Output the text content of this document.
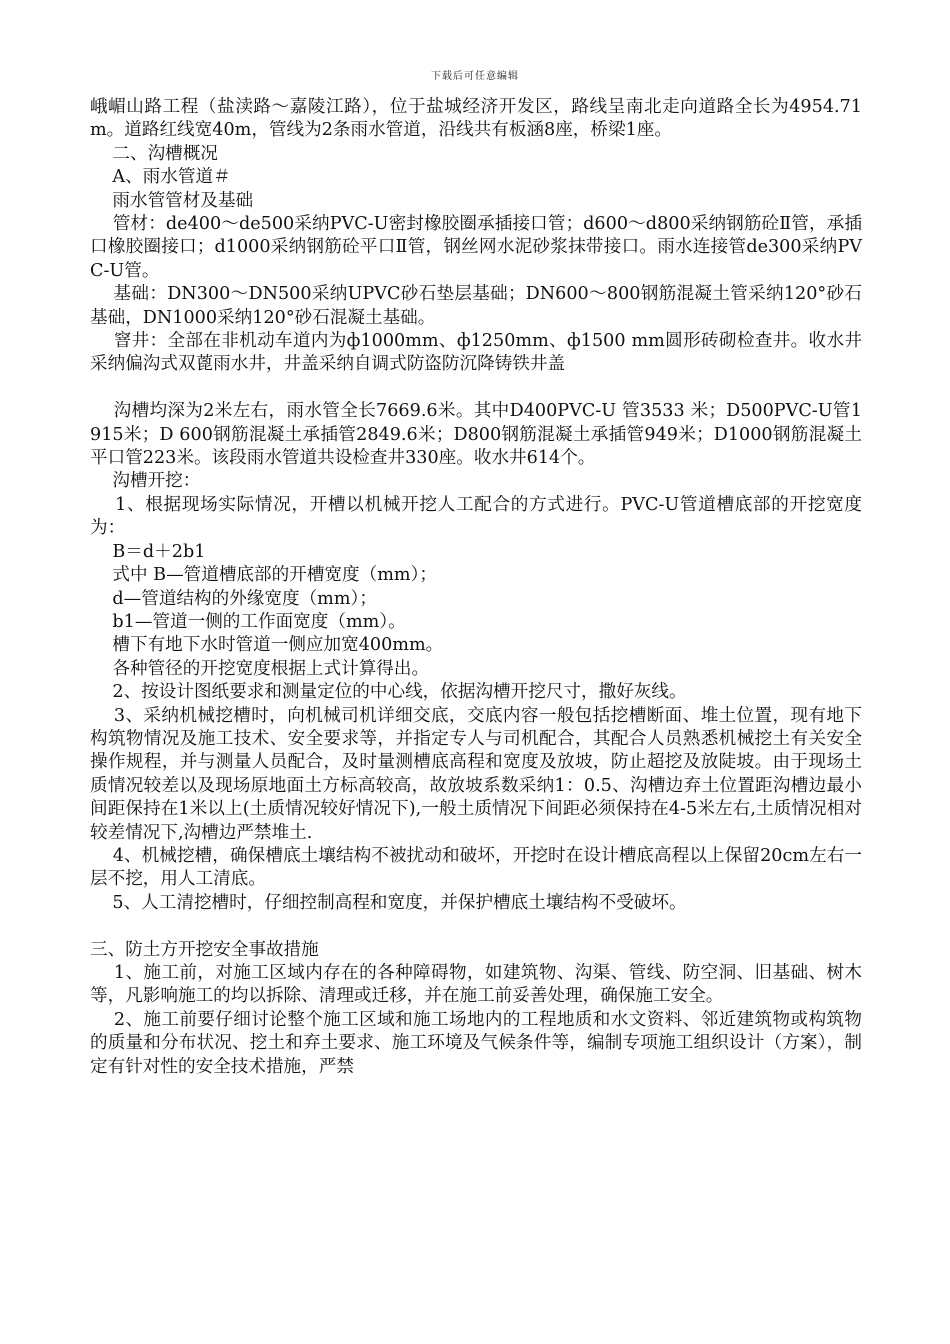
下载后可任意编辑

峨嵋山路工程（盐渎路～嘉陵江路），位于盐城经济开发区，路线呈南北走向道路全长为4954.71m。道路红线宽40m，管线为2条雨水管道，沿线共有板涵8座，桥梁1座。

二、沟槽概况

A、雨水管道＃

雨水管管材及基础

管材：de400～de500采纳PVC-U密封橡胶圈承插接口管；d600～d800采纳钢筋砼Ⅱ管，承插口橡胶圈接口；d1000采纳钢筋砼平口Ⅱ管，钢丝网水泥砂浆抹带接口。雨水连接管de300采纳PVC-U管。

基础：DN300～DN500采纳UPVC砂石垫层基础；DN600～800钢筋混凝土管采纳120°砂石基础，DN1000采纳120°砂石混凝土基础。

窨井：全部在非机动车道内为ф1000mm、ф1250mm、ф1500 mm圆形砖砌检查井。收水井采纳偏沟式双蓖雨水井，井盖采纳自调式防盗防沉降铸铁井盖

沟槽均深为2米左右，雨水管全长7669.6米。其中D400PVC-U 管3533 米；D500PVC-U管1915米；D 600钢筋混凝土承插管2849.6米；D800钢筋混凝土承插管949米；D1000钢筋混凝土平口管223米。该段雨水管道共设检查井330座。收水井614个。

沟槽开挖：

1、根据现场实际情况，开槽以机械开挖人工配合的方式进行。PVC-U管道槽底部的开挖宽度为：

B＝d＋2b1

式中 B—管道槽底部的开槽宽度（mm）；

d—管道结构的外缘宽度（mm）；

b1—管道一侧的工作面宽度（mm）。

槽下有地下水时管道一侧应加宽400mm。

各种管径的开挖宽度根据上式计算得出。

2、按设计图纸要求和测量定位的中心线，依据沟槽开挖尺寸，撒好灰线。

3、采纳机械挖槽时，向机械司机详细交底，交底内容一般包括挖槽断面、堆土位置，现有地下构筑物情况及施工技术、安全要求等，并指定专人与司机配合，其配合人员熟悉机械挖土有关安全操作规程，并与测量人员配合，及时量测槽底高程和宽度及放坡，防止超挖及放陡坡。由于现场土质情况较差以及现场原地面土方标高较高，故放坡系数采纳1：0.5、沟槽边弃土位置距沟槽边最小间距保持在1米以上(土质情况较好情况下),一般土质情况下间距必须保持在4-5米左右,土质情况相对较差情况下,沟槽边严禁堆土.

4、机械挖槽，确保槽底土壤结构不被扰动和破坏，开挖时在设计槽底高程以上保留20cm左右一层不挖，用人工清底。

5、人工清挖槽时，仔细控制高程和宽度，并保护槽底土壤结构不受破坏。

三、防土方开挖安全事故措施

1、施工前，对施工区域内存在的各种障碍物，如建筑物、沟渠、管线、防空洞、旧基础、树木等，凡影响施工的均以拆除、清理或迁移，并在施工前妥善处理，确保施工安全。

2、施工前要仔细讨论整个施工区域和施工场地内的工程地质和水文资料、邻近建筑物或构筑物的质量和分布状况、挖土和弃土要求、施工环境及气候条件等，编制专项施工组织设计（方案），制定有针对性的安全技术措施，严禁
